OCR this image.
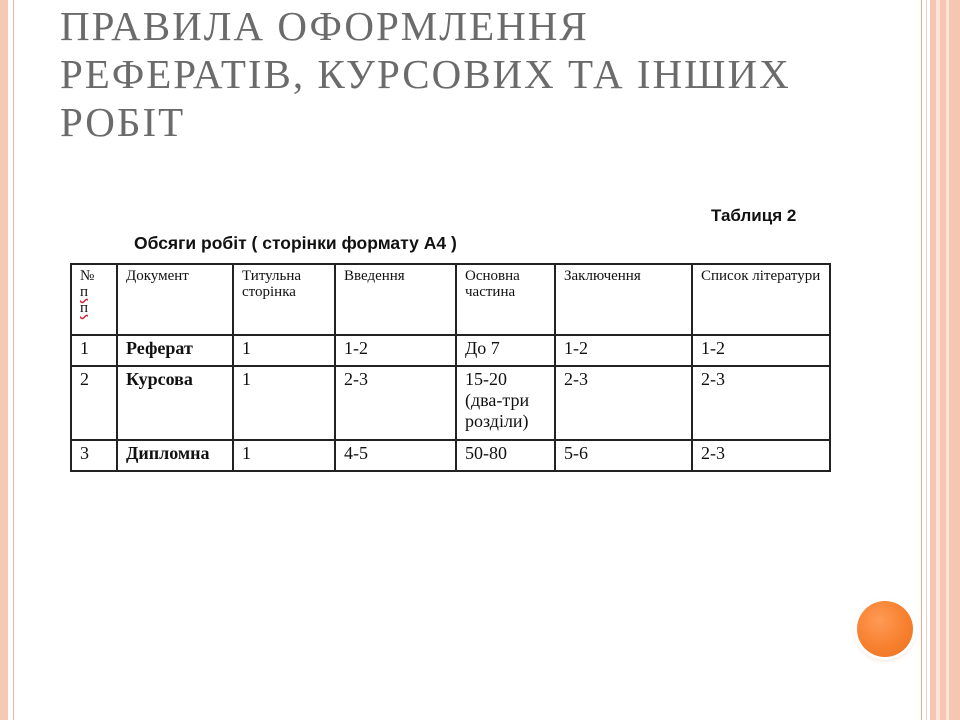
ПРАВИЛА ОФОРМЛЕННЯ
РЕФЕРАТІВ, КУРСОВИХ ТА ІНШИХ
РОБІТ
Таблиця 2
Обсяги робіт ( сторінки формату А4 )
№
п
п	Документ	Титульна сторінка	Введення	Основна частина	Заключення	Список літератури
1	Реферат	1	1-2	До 7	1-2	1-2
2	Курсова	1	2-3	15-20 (два-три розділи)	2-3	2-3
3	Дипломна	1	4-5	50-80	5-6	2-3
